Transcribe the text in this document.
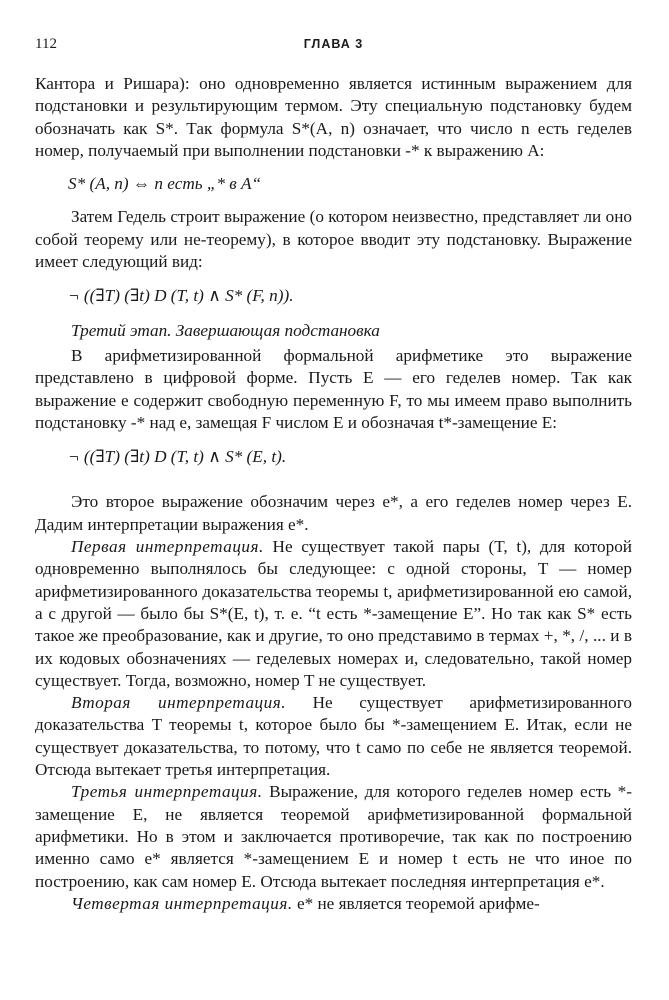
112	ГЛАВА 3

Кантора и Ришара): оно одновременно является истинным выражением для подстановки и результирующим термом. Эту специальную подстановку будем обозначать как S*. Так формула S*(A, n) означает, что число n есть геделев номер, получаемый при выполнении подстановки -* к выражению A:

S* (A, n) ⇔ n есть „* в A“

Затем Гедель строит выражение (о котором неизвестно, представляет ли оно собой теорему или не-теорему), в которое вводит эту подстановку. Выражение имеет следующий вид:

¬ ((∃T) (∃t) D (T, t) ∧ S* (F, n)).

Третий этап. Завершающая подстановка

В арифметизированной формальной арифметике это выражение представлено в цифровой форме. Пусть E — его геделев номер. Так как выражение e содержит свободную переменную F, то мы имеем право выполнить подстановку -* над e, замещая F числом E и обозначая t*-замещение E:

¬ ((∃T) (∃t) D (T, t) ∧ S* (E, t).

Это второе выражение обозначим через e*, а его геделев номер через E. Дадим интерпретации выражения e*.

Первая интерпретация. Не существует такой пары (T, t), для которой одновременно выполнялось бы следующее: с одной стороны, T — номер арифметизированного доказательства теоремы t, арифметизированной ею самой, а с другой — было бы S*(E, t), т. е. “t есть *-замещение E”. Но так как S* есть такое же преобразование, как и другие, то оно представимо в термах +, *, /, ... и в их кодовых обозначениях — геделевых номерах и, следовательно, такой номер существует. Тогда, возможно, номер T не существует.

Вторая интерпретация. Не существует арифметизированного доказательства T теоремы t, которое было бы *-замещением E. Итак, если не существует доказательства, то потому, что t само по себе не является теоремой. Отсюда вытекает третья интерпретация.

Третья интерпретация. Выражение, для которого геделев номер есть *-замещение E, не является теоремой арифметизированной формальной арифметики. Но в этом и заключается противоречие, так как по построению именно само e* является *-замещением E и номер t есть не что иное по построению, как сам номер E. Отсюда вытекает последняя интерпретация e*.

Четвертая интерпретация. e* не является теоремой арифме-
